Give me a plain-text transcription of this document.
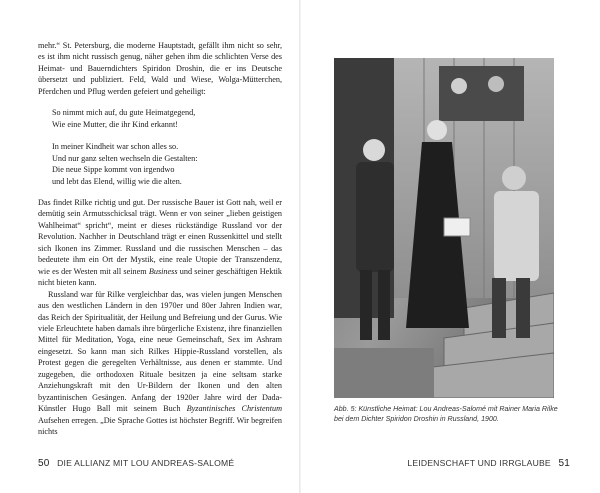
mehr.“ St. Petersburg, die moderne Hauptstadt, gefällt ihm nicht so sehr, es ist ihm nicht russisch genug, näher gehen ihm die schlichten Verse des Heimat- und Bauerndichters Spiridon Droshin, die er ins Deutsche übersetzt und publiziert. Feld, Wald und Wiese, Wolga-Mütterchen, Pferdchen und Pflug werden gefeiert und geheiligt:

So nimmt mich auf, du gute Heimatgegend,
Wie eine Mutter, die ihr Kind erkannt!
In meiner Kindheit war schon alles so.
Und nur ganz selten wechseln die Gestalten:
Die neue Sippe kommt von irgendwo
und lebt das Elend, willig wie die alten.

Das findet Rilke richtig und gut. Der russische Bauer ist Gott nah, weil er demütig sein Armutsschicksal trägt. Wenn er von seiner „lieben geistigen Wahlheimat“ spricht“, meint er dieses rückständige Russland vor der Revolution. Nachher in Deutschland trägt er einen Russenkittel und stellt sich Ikonen ins Zimmer. Russland und die russischen Menschen – das bedeutete ihm ein Ort der Mystik, eine reale Utopie der Transzendenz, wie es der Westen mit all seinem Business und seiner geschäftigen Hektik nicht bieten kann.

Russland war für Rilke vergleichbar das, was vielen jungen Menschen aus den westlichen Ländern in den 1970er und 80er Jahren Indien war, das Reich der Spiritualität, der Heilung und Befreiung und der Gurus. Wie viele Erleuchtete haben damals ihre bürgerliche Existenz, ihre finanziellen Mittel für Meditation, Yoga, eine neue Gemeinschaft, Sex im Ashram eingesetzt. So kann man sich Rilkes Hippie-Russland vorstellen, als Protest gegen die geregelten Verhältnisse, aus denen er stammte. Und zugegeben, die orthodoxen Rituale besitzen ja eine seltsam starke Anziehungskraft mit den Ur-Bildern der Ikonen und den alten byzantinischen Gesängen. Anfang der 1920er Jahre wird der Dada-Künstler Hugo Ball mit seinem Buch Byzantinisches Christentum Aufsehen erregen. „Die Sprache Gottes ist höchster Begriff. Wir begreifen nichts

50 DIE ALLIANZ MIT LOU ANDREAS-SALOMÉ
Abb. 5: Künstliche Heimat: Lou Andreas-Salomé mit Rainer Maria Rilke bei dem Dichter Spiridon Droshin in Russland, 1900.
LEIDENSCHAFT UND IRRGLAUBE 51
